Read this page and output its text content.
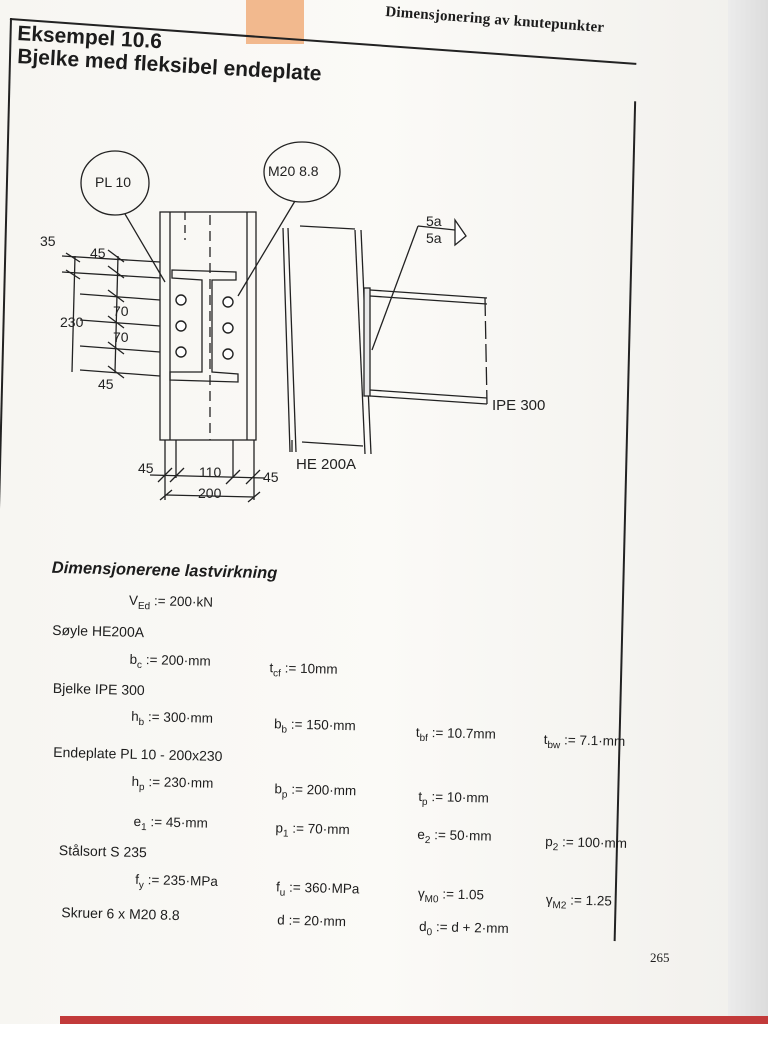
Dimensjonering av knutepunkter
Eksempel 10.6
Bjelke med fleksibel endeplate
PL 10
M20 8.8
5a
5a
35
45
70
70
230
45
45	110	45
200
HE 200A
IPE 300
Dimensjonerene lastvirkning
$V_{Ed}$ := 200·kN
Søyle HE200A
$b_c$ := 200·mm	$t_{cf}$ := 10mm
Bjelke IPE 300
$h_b$ := 300·mm	$b_b$ := 150·mm	$t_{bf}$ := 10.7mm	$t_{bw}$ := 7.1·mm
Endeplate PL 10 - 200x230
$h_p$ := 230·mm	$b_p$ := 200·mm	$t_p$ := 10·mm
$e_1$ := 45·mm	$p_1$ := 70·mm	$e_2$ := 50·mm	$p_2$ := 100·mm
Stålsort S 235
$f_y$ := 235·MPa	$f_u$ := 360·MPa	$\gamma_{M0}$ := 1.05	$\gamma_{M2}$ := 1.25
Skruer 6 x M20 8.8	d := 20·mm	$d_0$ := d + 2·mm
265
